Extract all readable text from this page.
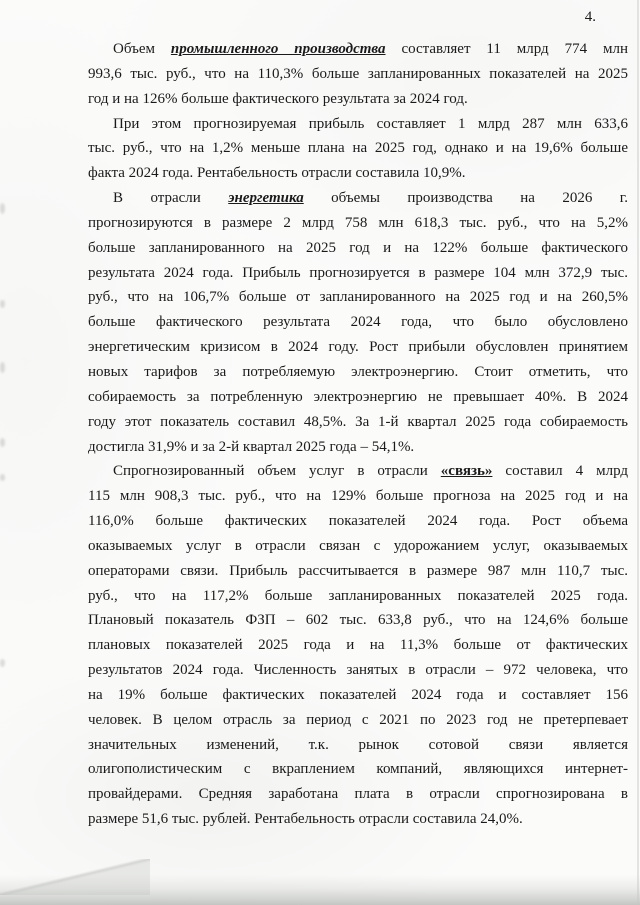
4.
Объем промышленного производства составляет 11 млрд 774 млн
993,6 тыс. руб., что на 110,3% больше запланированных показателей на 2025
год и на 126% больше фактического результата за 2024 год.
При этом прогнозируемая прибыль составляет 1 млрд 287 млн 633,6
тыс. руб., что на 1,2% меньше плана на 2025 год, однако и на 19,6% больше
факта 2024 года. Рентабельность отрасли составила 10,9%.
В отрасли энергетика объемы производства на 2026 г.
прогнозируются в размере 2 млрд 758 млн 618,3 тыс. руб., что на 5,2%
больше запланированного на 2025 год и на 122% больше фактического
результата 2024 года. Прибыль прогнозируется в размере 104 млн 372,9 тыс.
руб., что на 106,7% больше от запланированного на 2025 год и на 260,5%
больше фактического результата 2024 года, что было обусловлено
энергетическим кризисом в 2024 году. Рост прибыли обусловлен принятием
новых тарифов за потребляемую электроэнергию. Стоит отметить, что
собираемость за потребленную электроэнергию не превышает 40%. В 2024
году этот показатель составил 48,5%. За 1-й квартал 2025 года собираемость
достигла 31,9% и за 2-й квартал 2025 года – 54,1%.
Спрогнозированный объем услуг в отрасли «связь» составил 4 млрд
115 млн 908,3 тыс. руб., что на 129% больше прогноза на 2025 год и на
116,0% больше фактических показателей 2024 года. Рост объема
оказываемых услуг в отрасли связан с удорожанием услуг, оказываемых
операторами связи. Прибыль рассчитывается в размере 987 млн 110,7 тыс.
руб., что на 117,2% больше запланированных показателей 2025 года.
Плановый показатель ФЗП – 602 тыс. 633,8 руб., что на 124,6% больше
плановых показателей 2025 года и на 11,3% больше от фактических
результатов 2024 года. Численность занятых в отрасли – 972 человека, что
на 19% больше фактических показателей 2024 года и составляет 156
человек. В целом отрасль за период с 2021 по 2023 год не претерпевает
значительных изменений, т.к. рынок сотовой связи является
олигополистическим с вкраплением компаний, являющихся интернет-
провайдерами. Средняя заработана плата в отрасли спрогнозирована в
размере 51,6 тыс. рублей. Рентабельность отрасли составила 24,0%.
